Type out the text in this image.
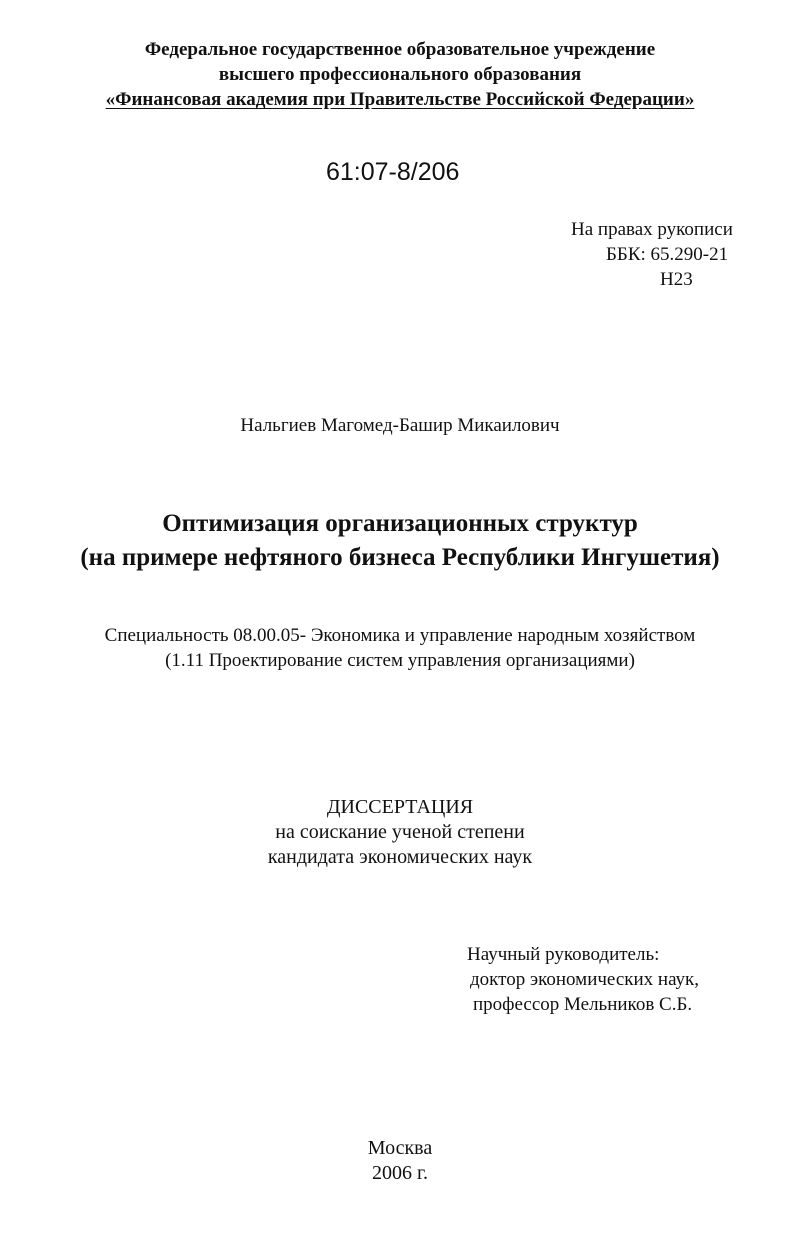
Федеральное государственное образовательное учреждение
высшего профессионального образования
«Финансовая академия при Правительстве Российской Федерации»
61:07-8/206
На правах рукописи
ББК: 65.290-21
Н23
Нальгиев Магомед-Башир Микаилович
Оптимизация организационных структур
(на примере нефтяного бизнеса Республики Ингушетия)
Специальность 08.00.05- Экономика и управление народным хозяйством
(1.11 Проектирование систем управления организациями)
ДИССЕРТАЦИЯ
на соискание ученой степени
кандидата экономических наук
Научный руководитель:
доктор экономических наук,
профессор Мельников С.Б.
Москва
2006 г.
